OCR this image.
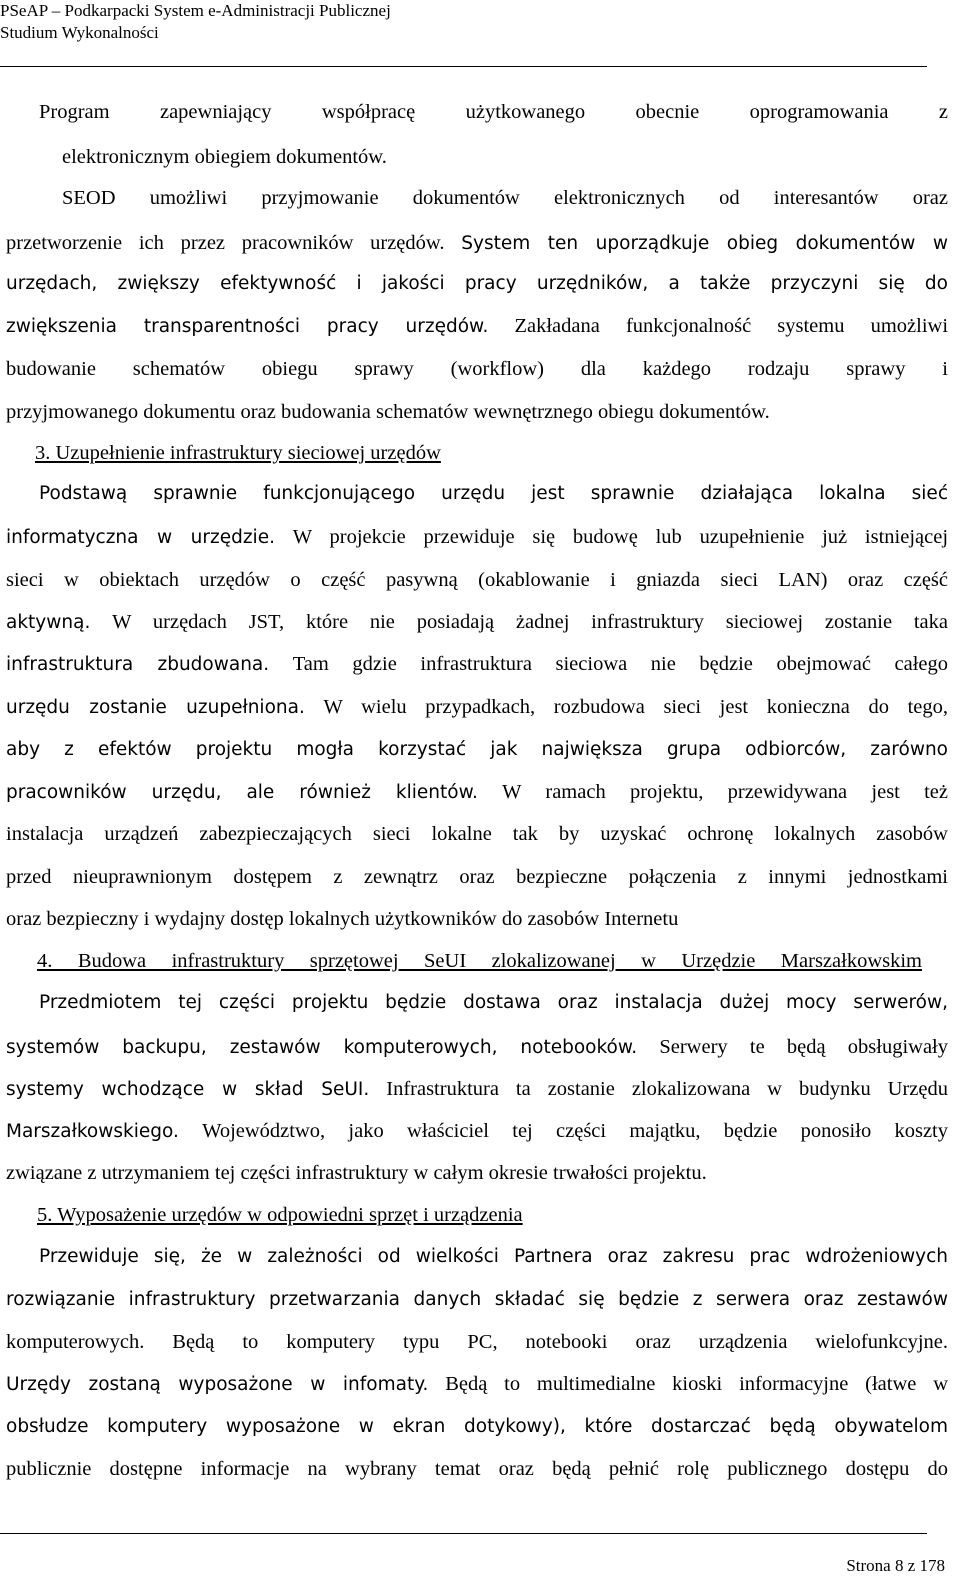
PSeAP – Podkarpacki System e-Administracji Publicznej
Studium Wykonalności
Program zapewniający współpracę użytkowanego obecnie oprogramowania z
elektronicznym obiegiem dokumentów.
SEOD umożliwi przyjmowanie dokumentów elektronicznych od interesantów oraz
przetworzenie ich przez pracowników urzędów. System ten uporządkuje obieg dokumentów w
urzędach, zwiększy efektywność i jakości pracy urzędników, a także przyczyni się do
zwiększenia transparentności pracy urzędów. Zakładana funkcjonalność systemu umożliwi
budowanie schematów obiegu sprawy (workflow) dla każdego rodzaju sprawy i
przyjmowanego dokumentu oraz budowania schematów wewnętrznego obiegu dokumentów.
3. Uzupełnienie infrastruktury sieciowej urzędów
Podstawą sprawnie funkcjonującego urzędu jest sprawnie działająca lokalna sieć
informatyczna w urzędzie. W projekcie przewiduje się budowę lub uzupełnienie już istniejącej
sieci w obiektach urzędów o część pasywną (okablowanie i gniazda sieci LAN) oraz część
aktywną. W urzędach JST, które nie posiadają żadnej infrastruktury sieciowej zostanie taka
infrastruktura zbudowana. Tam gdzie infrastruktura sieciowa nie będzie obejmować całego
urzędu zostanie uzupełniona. W wielu przypadkach, rozbudowa sieci jest konieczna do tego,
aby z efektów projektu mogła korzystać jak największa grupa odbiorców, zarówno
pracowników urzędu, ale również klientów. W ramach projektu, przewidywana jest też
instalacja urządzeń zabezpieczających sieci lokalne tak by uzyskać ochronę lokalnych zasobów
przed nieuprawnionym dostępem z zewnątrz oraz bezpieczne połączenia z innymi jednostkami
oraz bezpieczny i wydajny dostęp lokalnych użytkowników do zasobów Internetu
4. Budowa infrastruktury sprzętowej SeUI zlokalizowanej w Urzędzie Marszałkowskim
Przedmiotem tej części projektu będzie dostawa oraz instalacja dużej mocy serwerów,
systemów backupu, zestawów komputerowych, notebooków. Serwery te będą obsługiwały
systemy wchodzące w skład SeUI. Infrastruktura ta zostanie zlokalizowana w budynku Urzędu
Marszałkowskiego. Województwo, jako właściciel tej części majątku, będzie ponosiło koszty
związane z utrzymaniem tej części infrastruktury w całym okresie trwałości projektu.
5. Wyposażenie urzędów w odpowiedni sprzęt i urządzenia
Przewiduje się, że w zależności od wielkości Partnera oraz zakresu prac wdrożeniowych
rozwiązanie infrastruktury przetwarzania danych składać się będzie z serwera oraz zestawów
komputerowych. Będą to komputery typu PC, notebooki oraz urządzenia wielofunkcyjne.
Urzędy zostaną wyposażone w infomaty. Będą to multimedialne kioski informacyjne (łatwe w
obsłudze komputery wyposażone w ekran dotykowy), które dostarczać będą obywatelom
publicznie dostępne informacje na wybrany temat oraz będą pełnić rolę publicznego dostępu do
Strona 8 z 178
